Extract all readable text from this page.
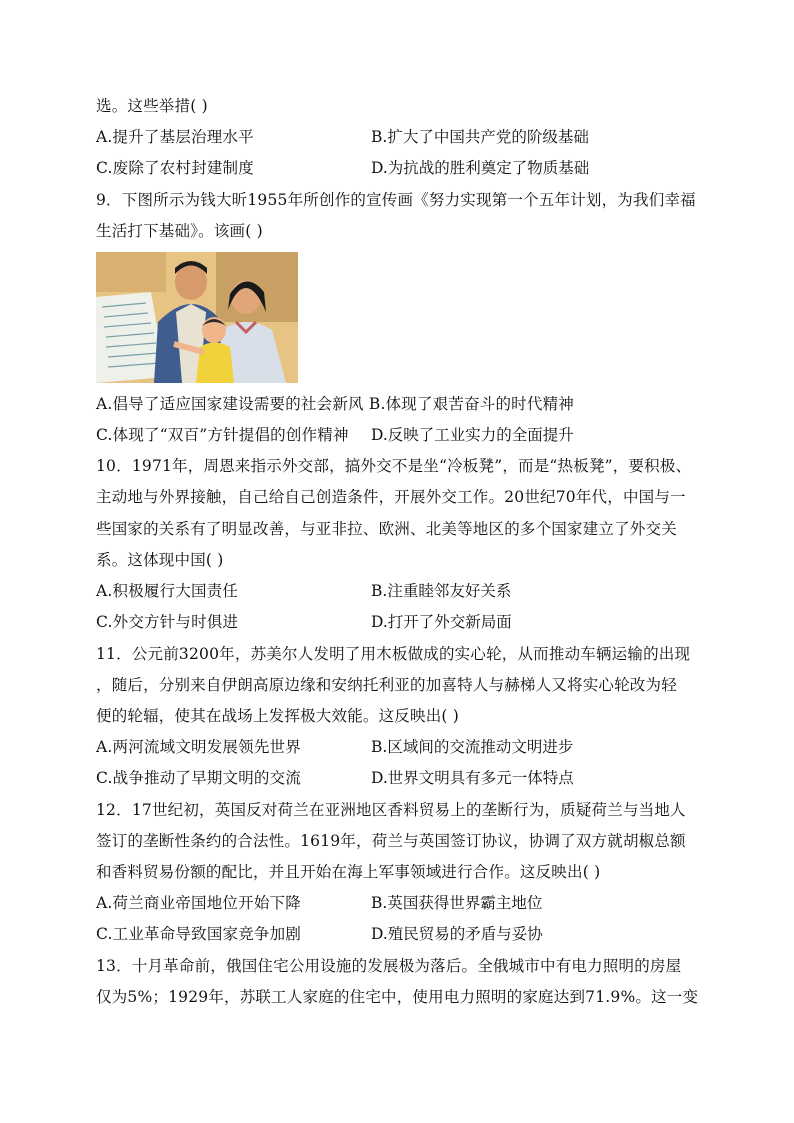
选。这些举措( )
A.提升了基层治理水平	B.扩大了中国共产党的阶级基础
C.废除了农村封建制度	D.为抗战的胜利奠定了物质基础
9．下图所示为钱大昕1955年所创作的宣传画《努力实现第一个五年计划，为我们幸福
生活打下基础》。该画( )
A.倡导了适应国家建设需要的社会新风 B.体现了艰苦奋斗的时代精神
C.体现了“双百”方针提倡的创作精神 D.反映了工业实力的全面提升
10．1971年，周恩来指示外交部，搞外交不是坐“冷板凳”，而是“热板凳”，要积极、
主动地与外界接触，自己给自己创造条件，开展外交工作。20世纪70年代，中国与一
些国家的关系有了明显改善，与亚非拉、欧洲、北美等地区的多个国家建立了外交关
系。这体现中国( )
A.积极履行大国责任	B.注重睦邻友好关系
C.外交方针与时俱进	D.打开了外交新局面
11．公元前3200年，苏美尔人发明了用木板做成的实心轮，从而推动车辆运输的出现
，随后，分别来自伊朗高原边缘和安纳托利亚的加喜特人与赫梯人又将实心轮改为轻
便的轮辐，使其在战场上发挥极大效能。这反映出( )
A.两河流域文明发展领先世界	B.区域间的交流推动文明进步
C.战争推动了早期文明的交流	D.世界文明具有多元一体特点
12．17世纪初，英国反对荷兰在亚洲地区香料贸易上的垄断行为，质疑荷兰与当地人
签订的垄断性条约的合法性。1619年，荷兰与英国签订协议，协调了双方就胡椒总额
和香料贸易份额的配比，并且开始在海上军事领域进行合作。这反映出( )
A.荷兰商业帝国地位开始下降	B.英国获得世界霸主地位
C.工业革命导致国家竞争加剧	D.殖民贸易的矛盾与妥协
13．十月革命前，俄国住宅公用设施的发展极为落后。全俄城市中有电力照明的房屋
仅为5%；1929年，苏联工人家庭的住宅中，使用电力照明的家庭达到71.9%。这一变
